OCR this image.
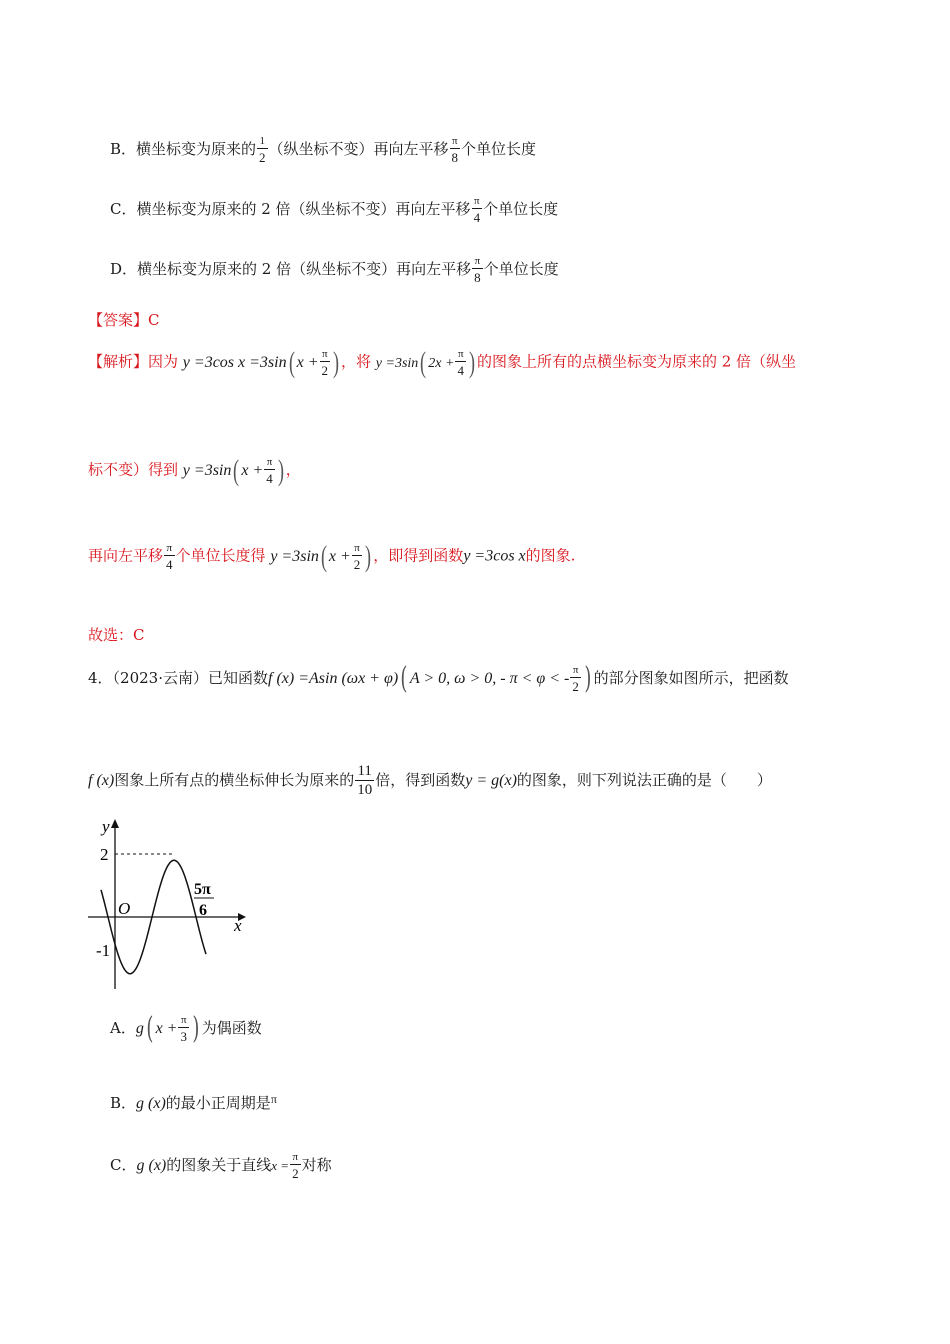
B．横坐标变为原来的 $\frac{1}{2}$ （纵坐标不变）再向左平移 $\frac{\pi}{8}$ 个单位长度
C．横坐标变为原来的 2 倍（纵坐标不变）再向左平移 $\frac{\pi}{4}$ 个单位长度
D．横坐标变为原来的 2 倍（纵坐标不变）再向左平移 $\frac{\pi}{8}$ 个单位长度
【答案】C
【解析】因为 y =3cos x =3sin( $x + \frac{\pi}{2}$ ) ，将 y =3sin( $2x + \frac{\pi}{4}$ ) 的图象上所有的点横坐标变为原来的 2 倍（纵坐
标不变）得到 y =3sin( $x + \frac{\pi}{4}$ ) ，
再向左平移 $\frac{\pi}{4}$ 个单位长度得 y =3sin( $x + \frac{\pi}{2}$ ) ，即得到函数y =3cos x的图象.
故选：C
4．（2023·云南）已知函数f (x) =Asin (ωx + φ)( A > 0, ω > 0, - π < φ < - $\frac{\pi}{2}$ ) 的部分图象如图所示，把函数
f (x)图象上所有点的横坐标伸长为原来的 $\frac{11}{10}$ 倍，得到函数y = g(x)的图象，则下列说法正确的是（　　）
y
x
O
2
-1
5π
6
A．g( $x + \frac{\pi}{3}$ ) 为偶函数
B．g (x)的最小正周期是$^\pi$
C．g (x)的图象关于直线$x = \frac{\pi}{2}$ 对称
